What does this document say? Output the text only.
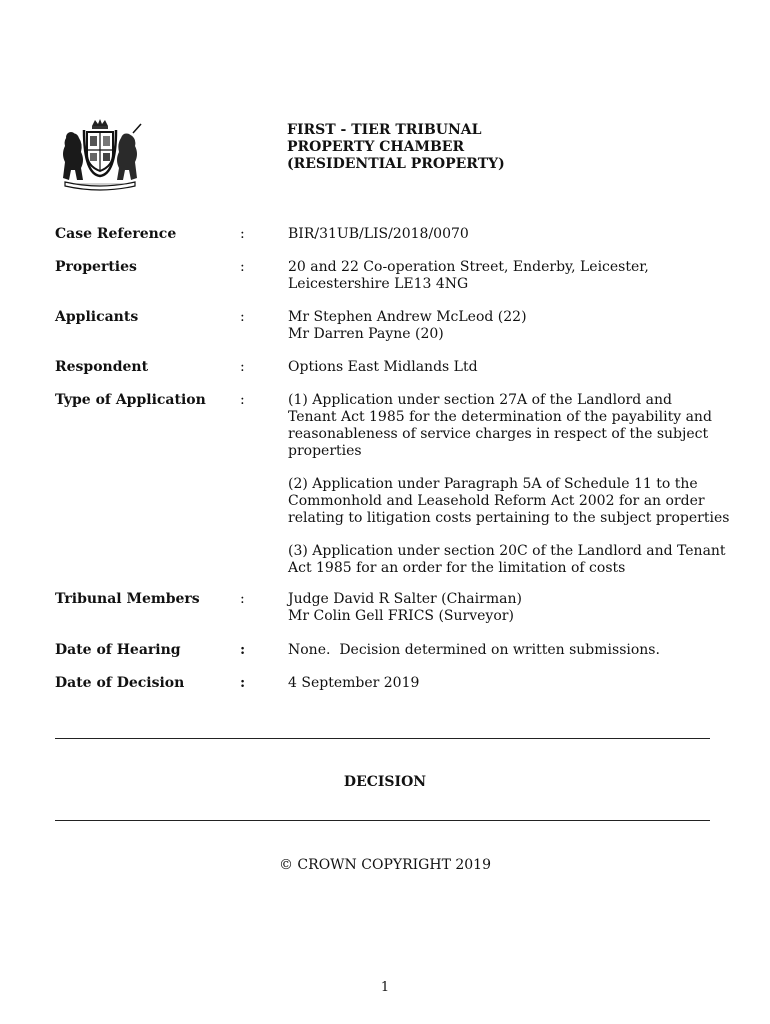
FIRST - TIER TRIBUNAL
PROPERTY CHAMBER
(RESIDENTIAL PROPERTY)
Case Reference	:	BIR/31UB/LIS/2018/0070
Properties	:	20 and 22 Co-operation Street, Enderby, Leicester,
Leicestershire LE13 4NG
Applicants	:	Mr Stephen Andrew McLeod (22)
Mr Darren Payne (20)
Respondent	:	Options East Midlands Ltd
Type of Application :	(1) Application under section 27A of the Landlord and
Tenant Act 1985 for the determination of the payability and
reasonableness of service charges in respect of the subject
properties
(2) Application under Paragraph 5A of Schedule 11 to the
Commonhold and Leasehold Reform Act 2002 for an order
relating to litigation costs pertaining to the subject properties
(3) Application under section 20C of the Landlord and Tenant
Act 1985 for an order for the limitation of costs
Tribunal Members	:	Judge David R Salter (Chairman)
Mr Colin Gell FRICS (Surveyor)
Date of Hearing	:	None.  Decision determined on written submissions.
Date of Decision	:	4 September 2019
DECISION
© CROWN COPYRIGHT 2019
1
